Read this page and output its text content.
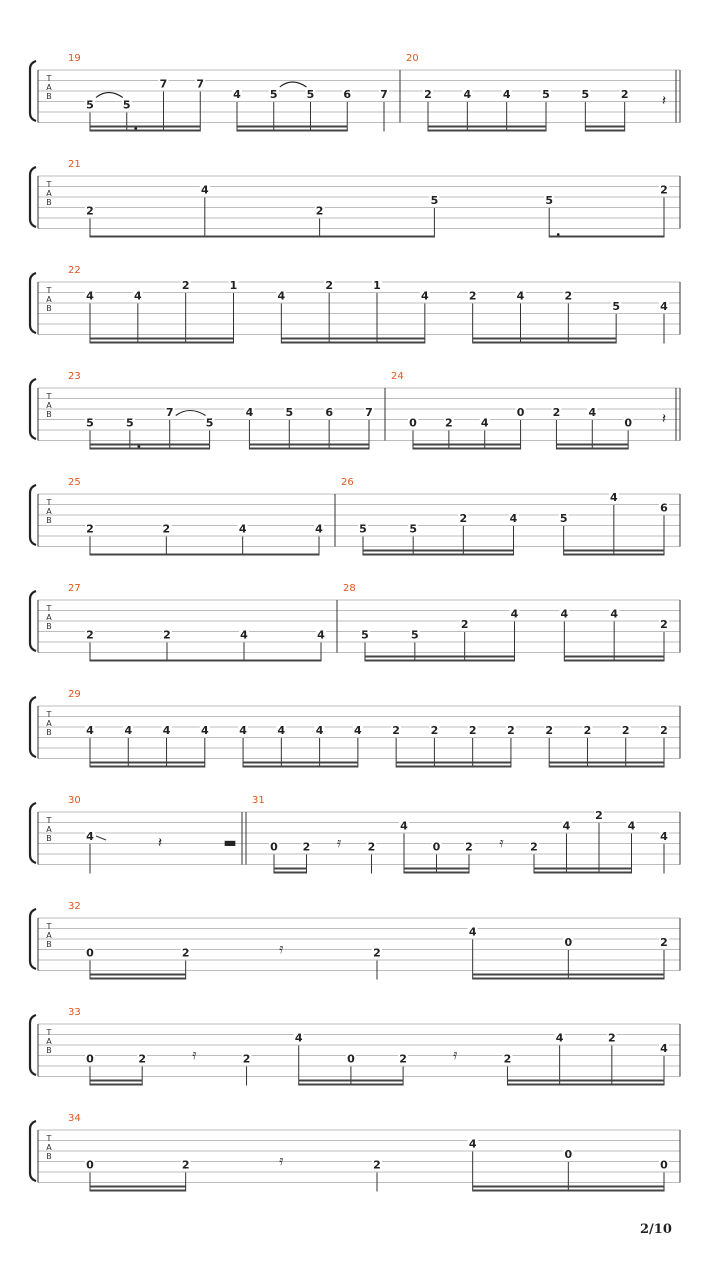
T
A
B
19
5	5
7	7
4	5	5	6	7
20
2	4	4	5	5	2 𝄽
T
A
B
21
2
4
2
5	5
2
T
A
B
22
4	4
2	1
4
2	1
4	2	4	2
5	4
T
A
B
23
5	5
7
5
4	5	6	7
24
0	2	4
0	2	4
0 𝄽
T
A
B
25
2	2	4	4
26
5	5
2	4	5
4
6
T
A
B
27
2	2	4	4
28
5	5
2
4	4	4
2
T
A
B
29
4	4	4	4	4	4	4	4	2	2	2	2	2	2	2	2
T
A
B
30
4	𝄽	▬
31
0 2 𝄿 2
4
0 2 𝄿 2
4
2
4
4
T
A
B
32
0	2	𝄿	2
4
0	2
T
A
B
33
0	2	𝄿	2
4
0	2	𝄿	2
4	2
4
T
A
B
34
0	2	𝄿	2
4
0
0
2/10
